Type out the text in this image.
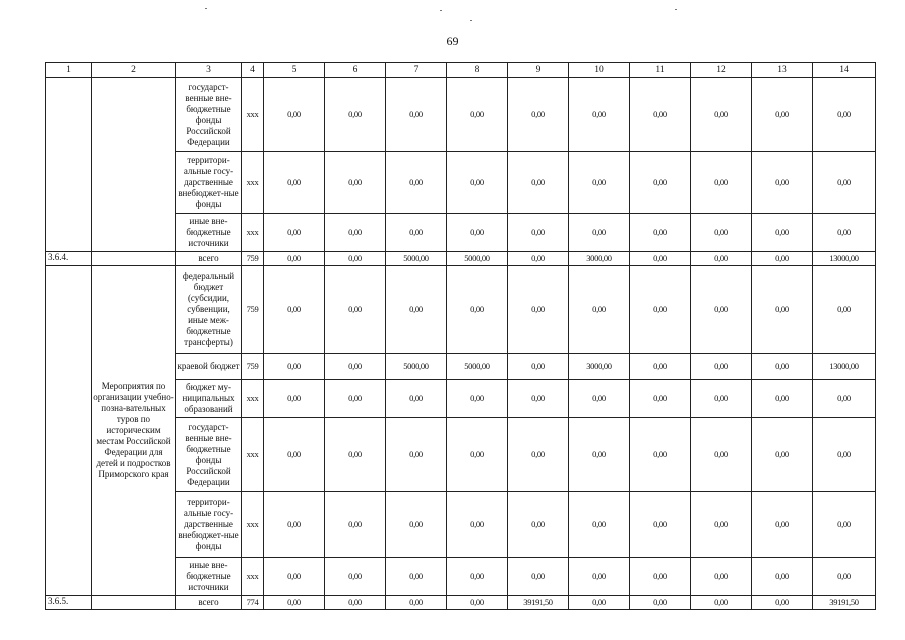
69
1	2	3	4	5	6	7	8	9	10	11	12	13	14
		государст-венные вне-бюджетные фонды Российской Федерации	xxx	0,00	0,00	0,00	0,00	0,00	0,00	0,00	0,00	0,00	0,00
		территори-альные госу-дарственные внебюджет-ные фонды	xxx	0,00	0,00	0,00	0,00	0,00	0,00	0,00	0,00	0,00	0,00
		иные вне-бюджетные источники	xxx	0,00	0,00	0,00	0,00	0,00	0,00	0,00	0,00	0,00	0,00
3.6.4.		всего	759	0,00	0,00	5000,00	5000,00	0,00	3000,00	0,00	0,00	0,00	13000,00
	Мероприятия по организации учебно-позна-вательных туров по историческим местам Российской Федерации для детей и подростков Приморского края	федеральный бюджет (субсидии, субвенции, иные меж-бюджетные трансферты)	759	0,00	0,00	0,00	0,00	0,00	0,00	0,00	0,00	0,00	0,00
		краевой бюджет	759	0,00	0,00	5000,00	5000,00	0,00	3000,00	0,00	0,00	0,00	13000,00
		бюджет му-ниципальных образований	xxx	0,00	0,00	0,00	0,00	0,00	0,00	0,00	0,00	0,00	0,00
		государст-венные вне-бюджетные фонды Российской Федерации	xxx	0,00	0,00	0,00	0,00	0,00	0,00	0,00	0,00	0,00	0,00
		территори-альные госу-дарственные внебюджет-ные фонды	xxx	0,00	0,00	0,00	0,00	0,00	0,00	0,00	0,00	0,00	0,00
		иные вне-бюджетные источники	xxx	0,00	0,00	0,00	0,00	0,00	0,00	0,00	0,00	0,00	0,00
3.6.5.		всего	774	0,00	0,00	0,00	0,00	39191,50	0,00	0,00	0,00	0,00	39191,50
